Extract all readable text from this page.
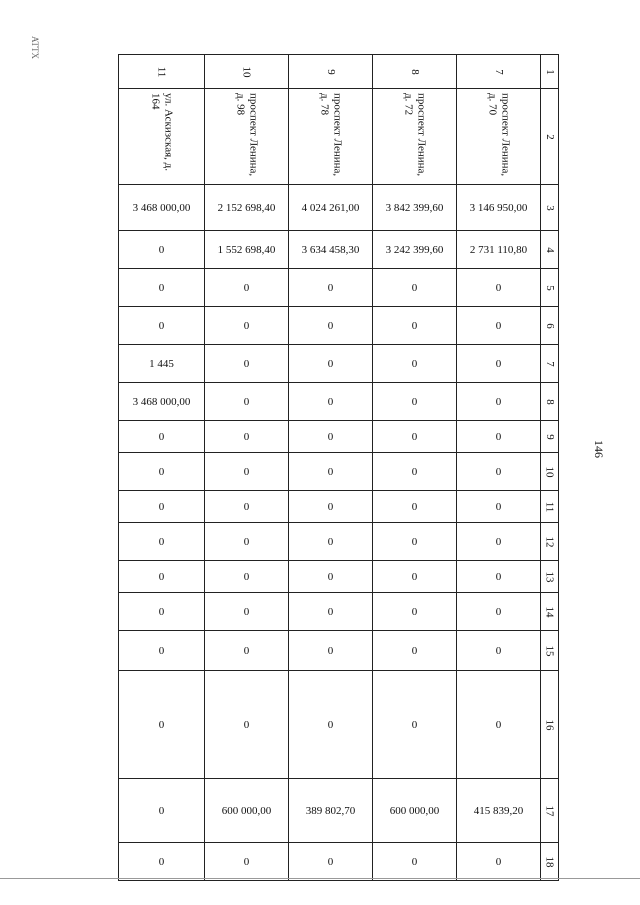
ATTX
146
11	10	9	8	7	1

ул. Аскизская, д. 164	проспект Ленина, д. 98	проспект Ленина, д. 78	проспект Ленина, д. 72	проспект Ленина, д. 70	2
3 468 000,00	2 152 698,40	4 024 261,00	3 842 399,60	3 146 950,00	3
0	1 552 698,40	3 634 458,30	3 242 399,60	2 731 110,80	4
0	0	0	0	0	5
0	0	0	0	0	6
1 445	0	0	0	0	7
3 468 000,00	0	0	0	0	8
0	0	0	0	0	9
0	0	0	0	0	10
0	0	0	0	0	11
0	0	0	0	0	12
0	0	0	0	0	13
0	0	0	0	0	14
0	0	0	0	0	15
0	0	0	0	0	16
0	600 000,00	389 802,70	600 000,00	415 839,20	17
0	0	0	0	0	18
